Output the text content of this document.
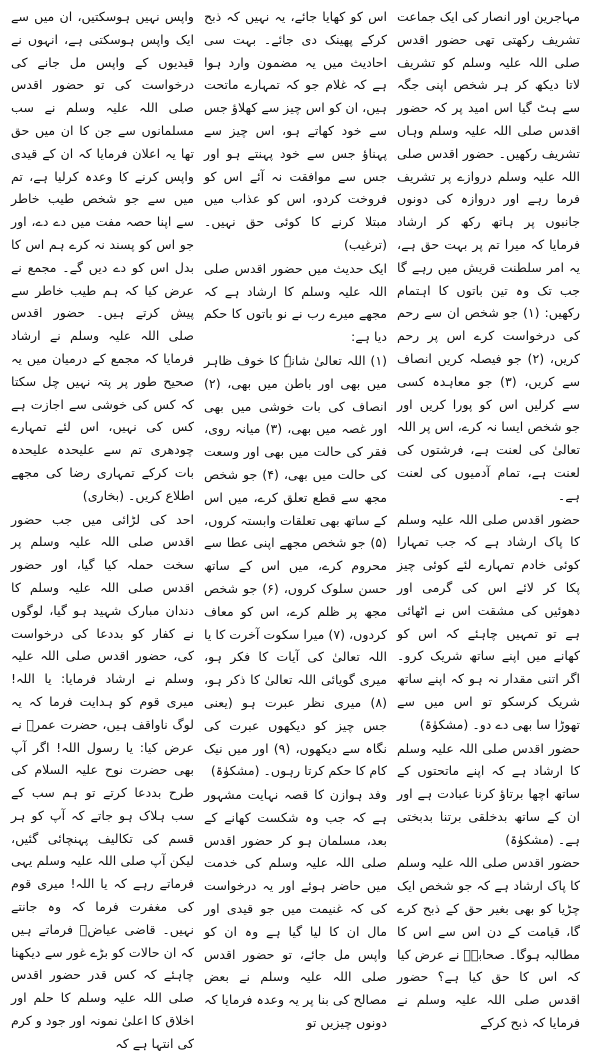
مہاجرین اور انصار کی ایک جماعت تشریف رکھتی تھی حضور اقدس صلی اللہ علیہ وسلم کو تشریف لاتا دیکھ کر ہر شخص اپنی جگہ سے ہٹ گیا اس امید پر کہ حضور اقدس صلی اللہ علیہ وسلم وہاں تشریف رکھیں۔ حضور اقدس صلی اللہ علیہ وسلم دروازے پر تشریف فرما رہے اور دروازہ کی دونوں جانبوں پر ہاتھ رکھ کر ارشاد فرمایا کہ میرا تم پر بہت حق ہے، یہ امر سلطنت قریش میں رہے گا جب تک وہ تین باتوں کا اہتمام رکھیں: (۱) جو شخص ان سے رحم کی درخواست کرے اس پر رحم کریں، (۲) جو فیصلہ کریں انصاف سے کریں، (۳) جو معاہدہ کسی سے کرلیں اس کو پورا کریں اور جو شخص ایسا نہ کرے، اس پر اللہ تعالیٰ کی لعنت ہے، فرشتوں کی لعنت ہے، تمام آدمیوں کی لعنت ہے۔

حضور اقدس صلی اللہ علیہ وسلم کا پاک ارشاد ہے کہ جب تمہارا کوئی خادم تمہارے لئے کوئی چیز پکا کر لائے اس کی گرمی اور دھوئیں کی مشقت اس نے اٹھائی ہے تو تمہیں چاہئے کہ اس کو کھانے میں اپنے ساتھ شریک کرو۔ اگر اتنی مقدار نہ ہو کہ اپنے ساتھ شریک کرسکو تو اس میں سے تھوڑا سا بھی دے دو۔ (مشکوٰۃ)

حضور اقدس صلی اللہ علیہ وسلم کا ارشاد ہے کہ اپنے ماتحتوں کے ساتھ اچھا برتاؤ کرنا عبادت ہے اور ان کے ساتھ بدخلقی برتنا بدبختی ہے۔ (مشکوٰۃ)

حضور اقدس صلی اللہ علیہ وسلم کا پاک ارشاد ہے کہ جو شخص ایک چڑیا کو بھی بغیر حق کے ذبح کرے گا، قیامت کے دن اس سے اس کا مطالبہ ہوگا۔ صحابہؓ نے عرض کیا کہ اس کا حق کیا ہے؟ حضور اقدس صلی اللہ علیہ وسلم نے فرمایا کہ ذبح کرکے

اس کو کھایا جائے، یہ نہیں کہ ذبح کرکے پھینک دی جائے۔ بہت سی احادیث میں یہ مضمون وارد ہوا ہے کہ غلام جو کہ تمہارے ماتحت ہیں، ان کو اس چیز سے کھلاؤ جس سے خود کھاتے ہو، اس چیز سے پہناؤ جس سے خود پہنتے ہو اور جس سے موافقت نہ آئے اس کو فروخت کردو، اس کو عذاب میں مبتلا کرنے کا کوئی حق نہیں۔ (ترغیب)

ایک حدیث میں حضور اقدس صلی اللہ علیہ وسلم کا ارشاد ہے کہ مجھے میرے رب نے نو باتوں کا حکم دیا ہے:

(۱) اللہ تعالیٰ شانہٗ کا خوف ظاہر میں بھی اور باطن میں بھی، (۲) انصاف کی بات خوشی میں بھی اور غصہ میں بھی، (۳) میانہ روی، فقر کی حالت میں بھی اور وسعت کی حالت میں بھی، (۴) جو شخص مجھ سے قطع تعلق کرے، میں اس کے ساتھ بھی تعلقات وابستہ کروں، (۵) جو شخص مجھے اپنی عطا سے محروم کرے، میں اس کے ساتھ حسن سلوک کروں، (۶) جو شخص مجھ پر ظلم کرے، اس کو معاف کردوں، (۷) میرا سکوت آخرت کا یا اللہ تعالیٰ کی آیات کا فکر ہو، میری گویائی اللہ تعالیٰ کا ذکر ہو، (۸) میری نظر عبرت ہو (یعنی جس چیز کو دیکھوں عبرت کی نگاہ سے دیکھوں، (۹) اور میں نیک کام کا حکم کرتا رہوں۔ (مشکوٰۃ)

وفد ہوازن کا قصہ نہایت مشہور ہے کہ جب وہ شکست کھانے کے بعد، مسلمان ہو کر حضور اقدس صلی اللہ علیہ وسلم کی خدمت میں حاضر ہوئے اور یہ درخواست کی کہ غنیمت میں جو قیدی اور مال ان کا لیا گیا ہے وہ ان کو واپس مل جائے، تو حضور اقدس صلی اللہ علیہ وسلم نے بعض مصالح کی بنا پر یہ وعدہ فرمایا کہ دونوں چیزیں تو

واپس نہیں ہوسکتیں، ان میں سے ایک واپس ہوسکتی ہے، انہوں نے قیدیوں کے واپس مل جانے کی درخواست کی تو حضور اقدس صلی اللہ علیہ وسلم نے سب مسلمانوں سے جن کا ان میں حق تھا یہ اعلان فرمایا کہ ان کے قیدی واپس کرنے کا وعدہ کرلیا ہے، تم میں سے جو شخص طیب خاطر سے اپنا حصہ مفت میں دے دے، اور جو اس کو پسند نہ کرے ہم اس کا بدل اس کو دے دیں گے۔ مجمع نے عرض کیا کہ ہم طیب خاطر سے پیش کرتے ہیں۔ حضور اقدس صلی اللہ علیہ وسلم نے ارشاد فرمایا کہ مجمع کے درمیان میں یہ صحیح طور پر پتہ نہیں چل سکتا کہ کس کی خوشی سے اجازت ہے کس کی نہیں، اس لئے تمہارے چودھری تم سے علیحدہ علیحدہ بات کرکے تمہاری رضا کی مجھے اطلاع کریں۔ (بخاری)

احد کی لڑائی میں جب حضور اقدس صلی اللہ علیہ وسلم پر سخت حملہ کیا گیا، اور حضور اقدس صلی اللہ علیہ وسلم کا دندان مبارک شہید ہو گیا، لوگوں نے کفار کو بددعا کی درخواست کی، حضور اقدس صلی اللہ علیہ وسلم نے ارشاد فرمایا: یا اللہ! میری قوم کو ہدایت فرما کہ یہ لوگ ناواقف ہیں، حضرت عمرؓ نے عرض کیا: یا رسول اللہ! اگر آپ بھی حضرت نوح علیہ السلام کی طرح بددعا کرتے تو ہم سب کے سب ہلاک ہو جاتے کہ آپ کو ہر قسم کی تکالیف پہنچائی گئیں، لیکن آپ صلی اللہ علیہ وسلم یہی فرماتے رہے کہ یا اللہ! میری قوم کی مغفرت فرما کہ وہ جانتے نہیں۔ قاضی عیاضؒ فرماتے ہیں کہ ان حالات کو بڑے غور سے دیکھنا چاہئے کہ کس قدر حضور اقدس صلی اللہ علیہ وسلم کا حلم اور اخلاق کا اعلیٰ نمونہ اور جود و کرم کی انتہا ہے کہ
